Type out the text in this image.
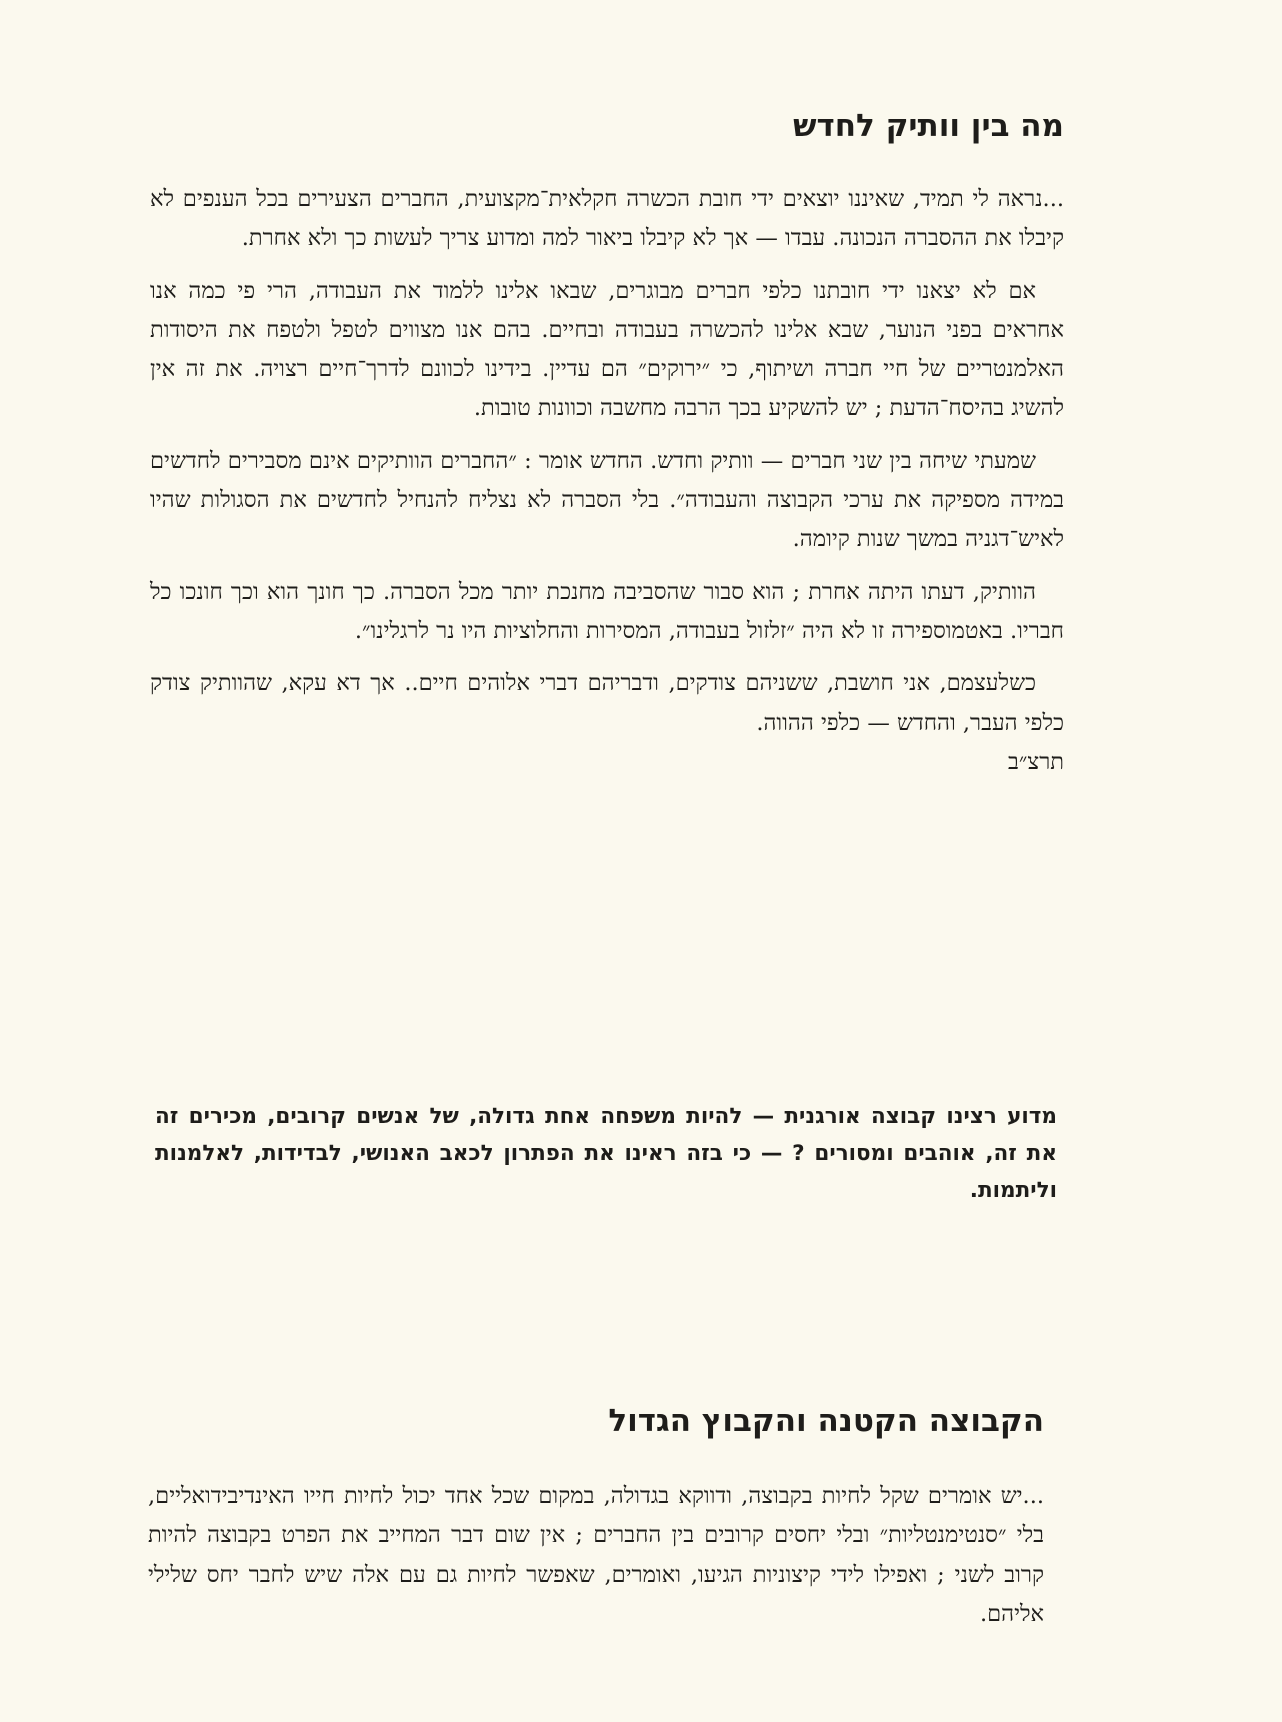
מה בין וותיק לחדש

...נראה לי תמיד, שאיננו יוצאים ידי חובת הכשרה חקלאית־מקצועית, החברים הצעירים בכל הענפים לא קיבלו את ההסברה הנכונה. עבדו — אך לא קיבלו ביאור למה ומדוע צריך לעשות כך ולא אחרת.

אם לא יצאנו ידי חובתנו כלפי חברים מבוגרים, שבאו אלינו ללמוד את העבודה, הרי פי כמה אנו אחראים בפני הנוער, שבא אלינו להכשרה בעבודה ובחיים. בהם אנו מצווים לטפל ולטפח את היסודות האלמנטריים של חיי חברה ושיתוף, כי ״ירוקים״ הם עדיין. בידינו לכוונם לדרך־חיים רצויה. את זה אין להשיג בהיסח־הדעת ; יש להשקיע בכך הרבה מחשבה וכוונות טובות.

שמעתי שיחה בין שני חברים — וותיק וחדש. החדש אומר : ״החברים הוותיקים אינם מסבירים לחדשים במידה מספיקה את ערכי הקבוצה והעבודה״. בלי הסברה לא נצליח להנחיל לחדשים את הסגולות שהיו לאיש־דגניה במשך שנות קיומה.

הוותיק, דעתו היתה אחרת ; הוא סבור שהסביבה מחנכת יותר מכל הסברה. כך חונך הוא וכך חונכו כל חבריו. באטמוספירה זו לא היה ״זלזול בעבודה, המסירות והחלוציות היו נר לרגלינו״.

כשלעצמם, אני חושבת, ששניהם צודקים, ודבריהם דברי אלוהים חיים.. אך דא עקא, שהוותיק צודק כלפי העבר, והחדש — כלפי ההווה.

תרצ״ב

מדוע רצינו קבוצה אורגנית — להיות משפחה אחת גדולה, של אנשים קרובים, מכירים זה את זה, אוהבים ומסורים ? — כי בזה ראינו את הפתרון לכאב האנושי, לבדידות, לאלמנות וליתמות.

הקבוצה הקטנה והקבוץ הגדול

...יש אומרים שקל לחיות בקבוצה, ודווקא בגדולה, במקום שכל אחד יכול לחיות חייו האינדיבידואליים, בלי ״סנטימנטליות״ ובלי יחסים קרובים בין החברים ; אין שום דבר המחייב את הפרט בקבוצה להיות קרוב לשני ; ואפילו לידי קיצוניות הגיעו, ואומרים, שאפשר לחיות גם עם אלה שיש לחבר יחס שלילי אליהם.
